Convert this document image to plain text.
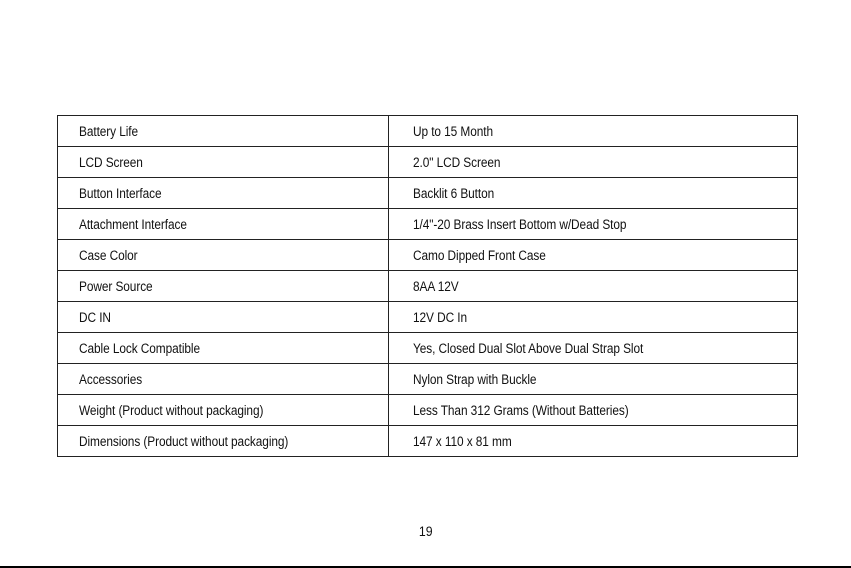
Battery Life	Up to 15 Month
LCD Screen	2.0" LCD Screen
Button Interface	Backlit 6 Button
Attachment Interface	1/4"-20 Brass Insert Bottom w/Dead Stop
Case Color	Camo Dipped Front Case
Power Source	8AA 12V
DC IN	12V DC In
Cable Lock Compatible	Yes, Closed Dual Slot Above Dual Strap Slot
Accessories	Nylon Strap with Buckle
Weight (Product without packaging)	Less Than 312 Grams (Without Batteries)
Dimensions (Product without packaging)	147 x 110 x 81 mm
19
